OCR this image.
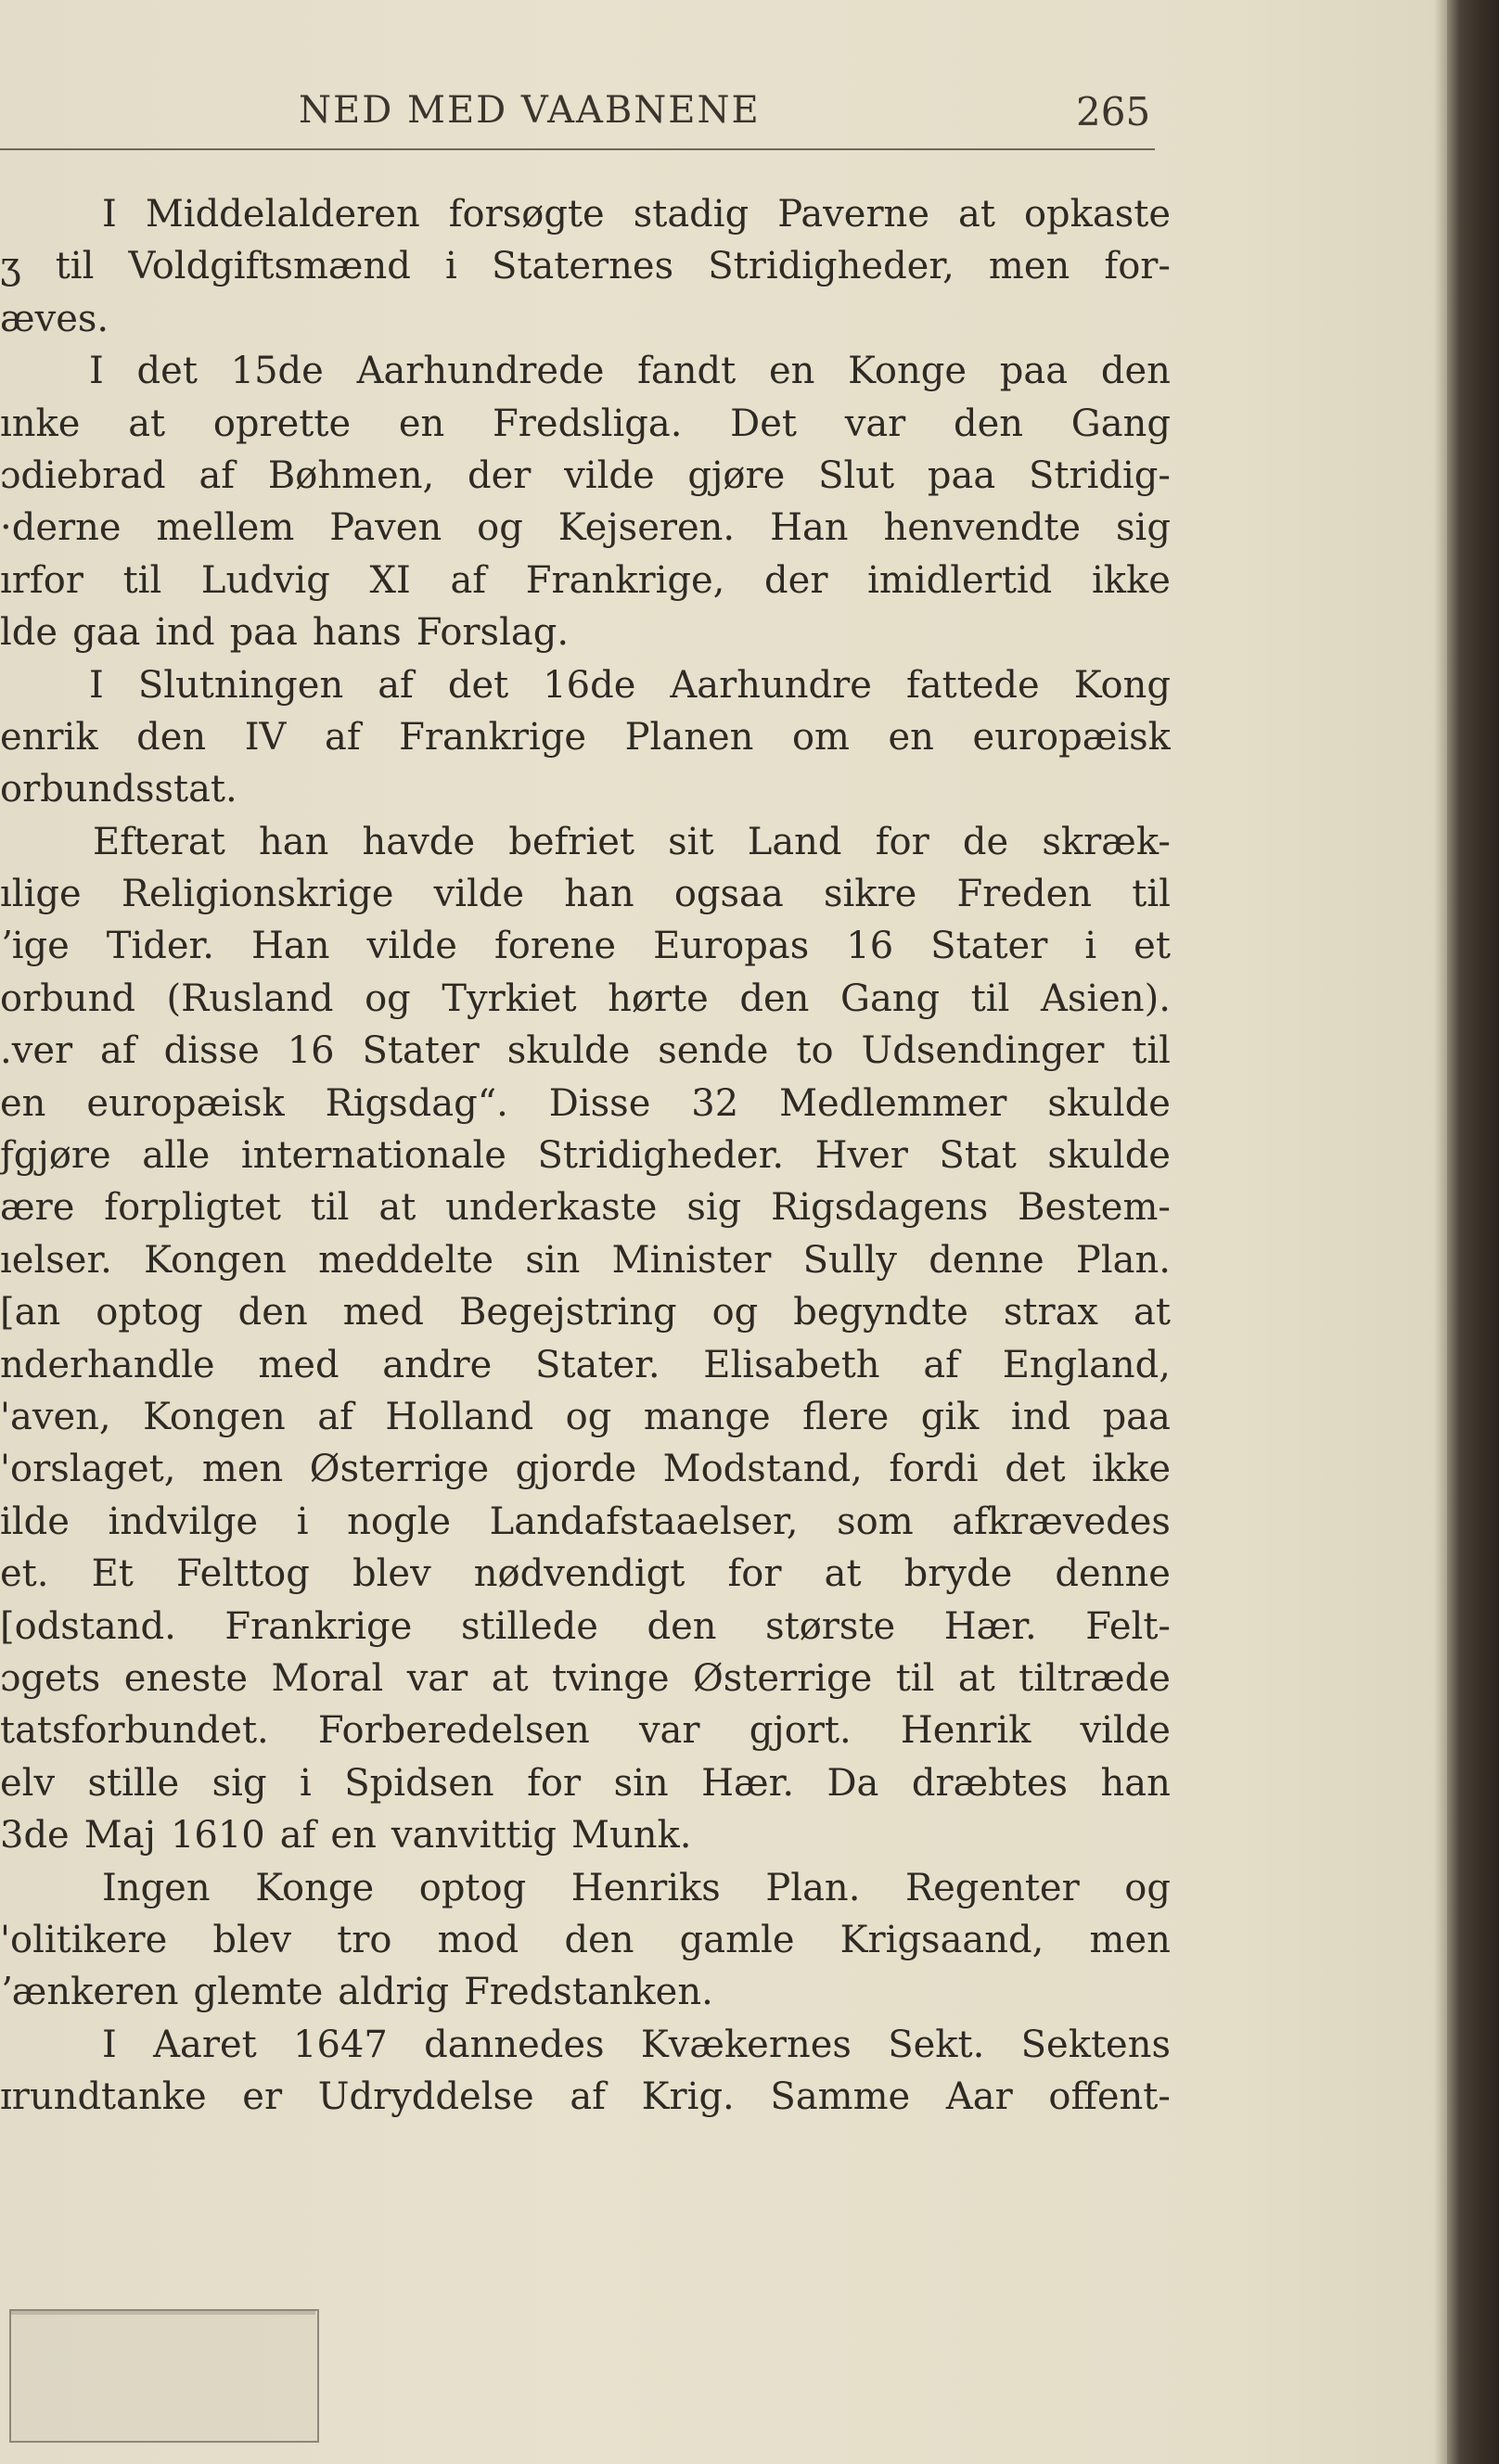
NED MED VAABNENE	265
I Middelalderen forsøgte stadig Paverne at opkaste
ʒ til Voldgiftsmænd i Staternes Stridigheder, men for-
æves.
I det 15de Aarhundrede fandt en Konge paa den
ınke at oprette en Fredsliga. Det var den Gang
ɔdiebrad af Bøhmen, der vilde gjøre Slut paa Stridig-
·derne mellem Paven og Kejseren. Han henvendte sig
ırfor til Ludvig XI af Frankrige, der imidlertid ikke
lde gaa ind paa hans Forslag.
I Slutningen af det 16de Aarhundre fattede Kong
enrik den IV af Frankrige Planen om en europæisk
orbundsstat.
Efterat han havde befriet sit Land for de skræk-
ılige Religionskrige vilde han ogsaa sikre Freden til
ʼige Tider. Han vilde forene Europas 16 Stater i et
orbund (Rusland og Tyrkiet hørte den Gang til Asien).
.ver af disse 16 Stater skulde sende to Udsendinger til
en europæisk Rigsdag“. Disse 32 Medlemmer skulde
ƒgjøre alle internationale Stridigheder. Hver Stat skulde
ære forpligtet til at underkaste sig Rigsdagens Bestem-
ıelser. Kongen meddelte sin Minister Sully denne Plan.
[an optog den med Begejstring og begyndte strax at
nderhandle med andre Stater. Elisabeth af England,
'aven, Kongen af Holland og mange flere gik ind paa
'orslaget, men Østerrige gjorde Modstand, fordi det ikke
ilde indvilge i nogle Landafstaaelser, som afkrævedes
et. Et Felttog blev nødvendigt for at bryde denne
[odstand. Frankrige stillede den største Hær. Felt-
ɔgets eneste Moral var at tvinge Østerrige til at tiltræde
tatsforbundet. Forberedelsen var gjort. Henrik vilde
elv stille sig i Spidsen for sin Hær. Da dræbtes han
3de Maj 1610 af en vanvittig Munk.
Ingen Konge optog Henriks Plan. Regenter og
'olitikere blev tro mod den gamle Krigsaand, men
ʼænkeren glemte aldrig Fredstanken.
I Aaret 1647 dannedes Kvækernes Sekt. Sektens
ɪrundtanke er Udryddelse af Krig. Samme Aar offent-
